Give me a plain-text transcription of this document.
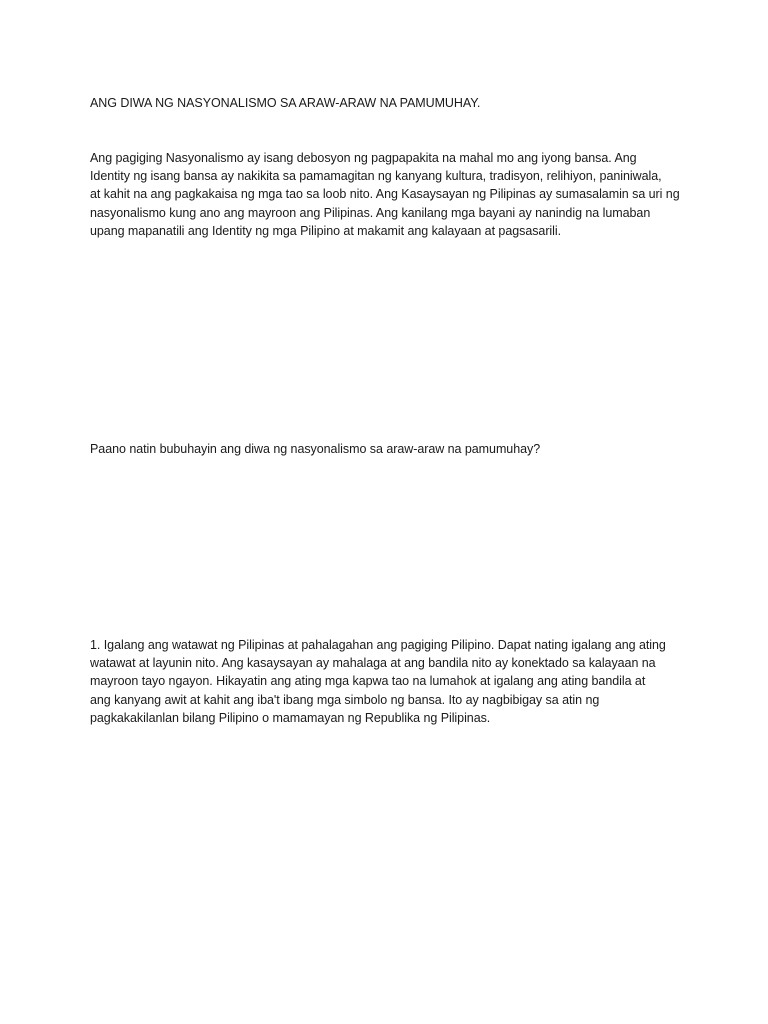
ANG DIWA NG NASYONALISMO SA ARAW-ARAW NA PAMUMUHAY.

Ang pagiging Nasyonalismo ay isang debosyon ng pagpapakita na mahal mo ang iyong bansa. Ang
Identity ng isang bansa ay nakikita sa pamamagitan ng kanyang kultura, tradisyon, relihiyon, paniniwala,
at kahit na ang pagkakaisa ng mga tao sa loob nito. Ang Kasaysayan ng Pilipinas ay sumasalamin sa uri ng
nasyonalismo kung ano ang mayroon ang Pilipinas. Ang kanilang mga bayani ay nanindig na lumaban
upang mapanatili ang Identity ng mga Pilipino at makamit ang kalayaan at pagsasarili.

Paano natin bubuhayin ang diwa ng nasyonalismo sa araw-araw na pamumuhay?

1. Igalang ang watawat ng Pilipinas at pahalagahan ang pagiging Pilipino. Dapat nating igalang ang ating
watawat at layunin nito. Ang kasaysayan ay mahalaga at ang bandila nito ay konektado sa kalayaan na
mayroon tayo ngayon. Hikayatin ang ating mga kapwa tao na lumahok at igalang ang ating bandila at
ang kanyang awit at kahit ang iba't ibang mga simbolo ng bansa. Ito ay nagbibigay sa atin ng
pagkakakilanlan bilang Pilipino o mamamayan ng Republika ng Pilipinas.
